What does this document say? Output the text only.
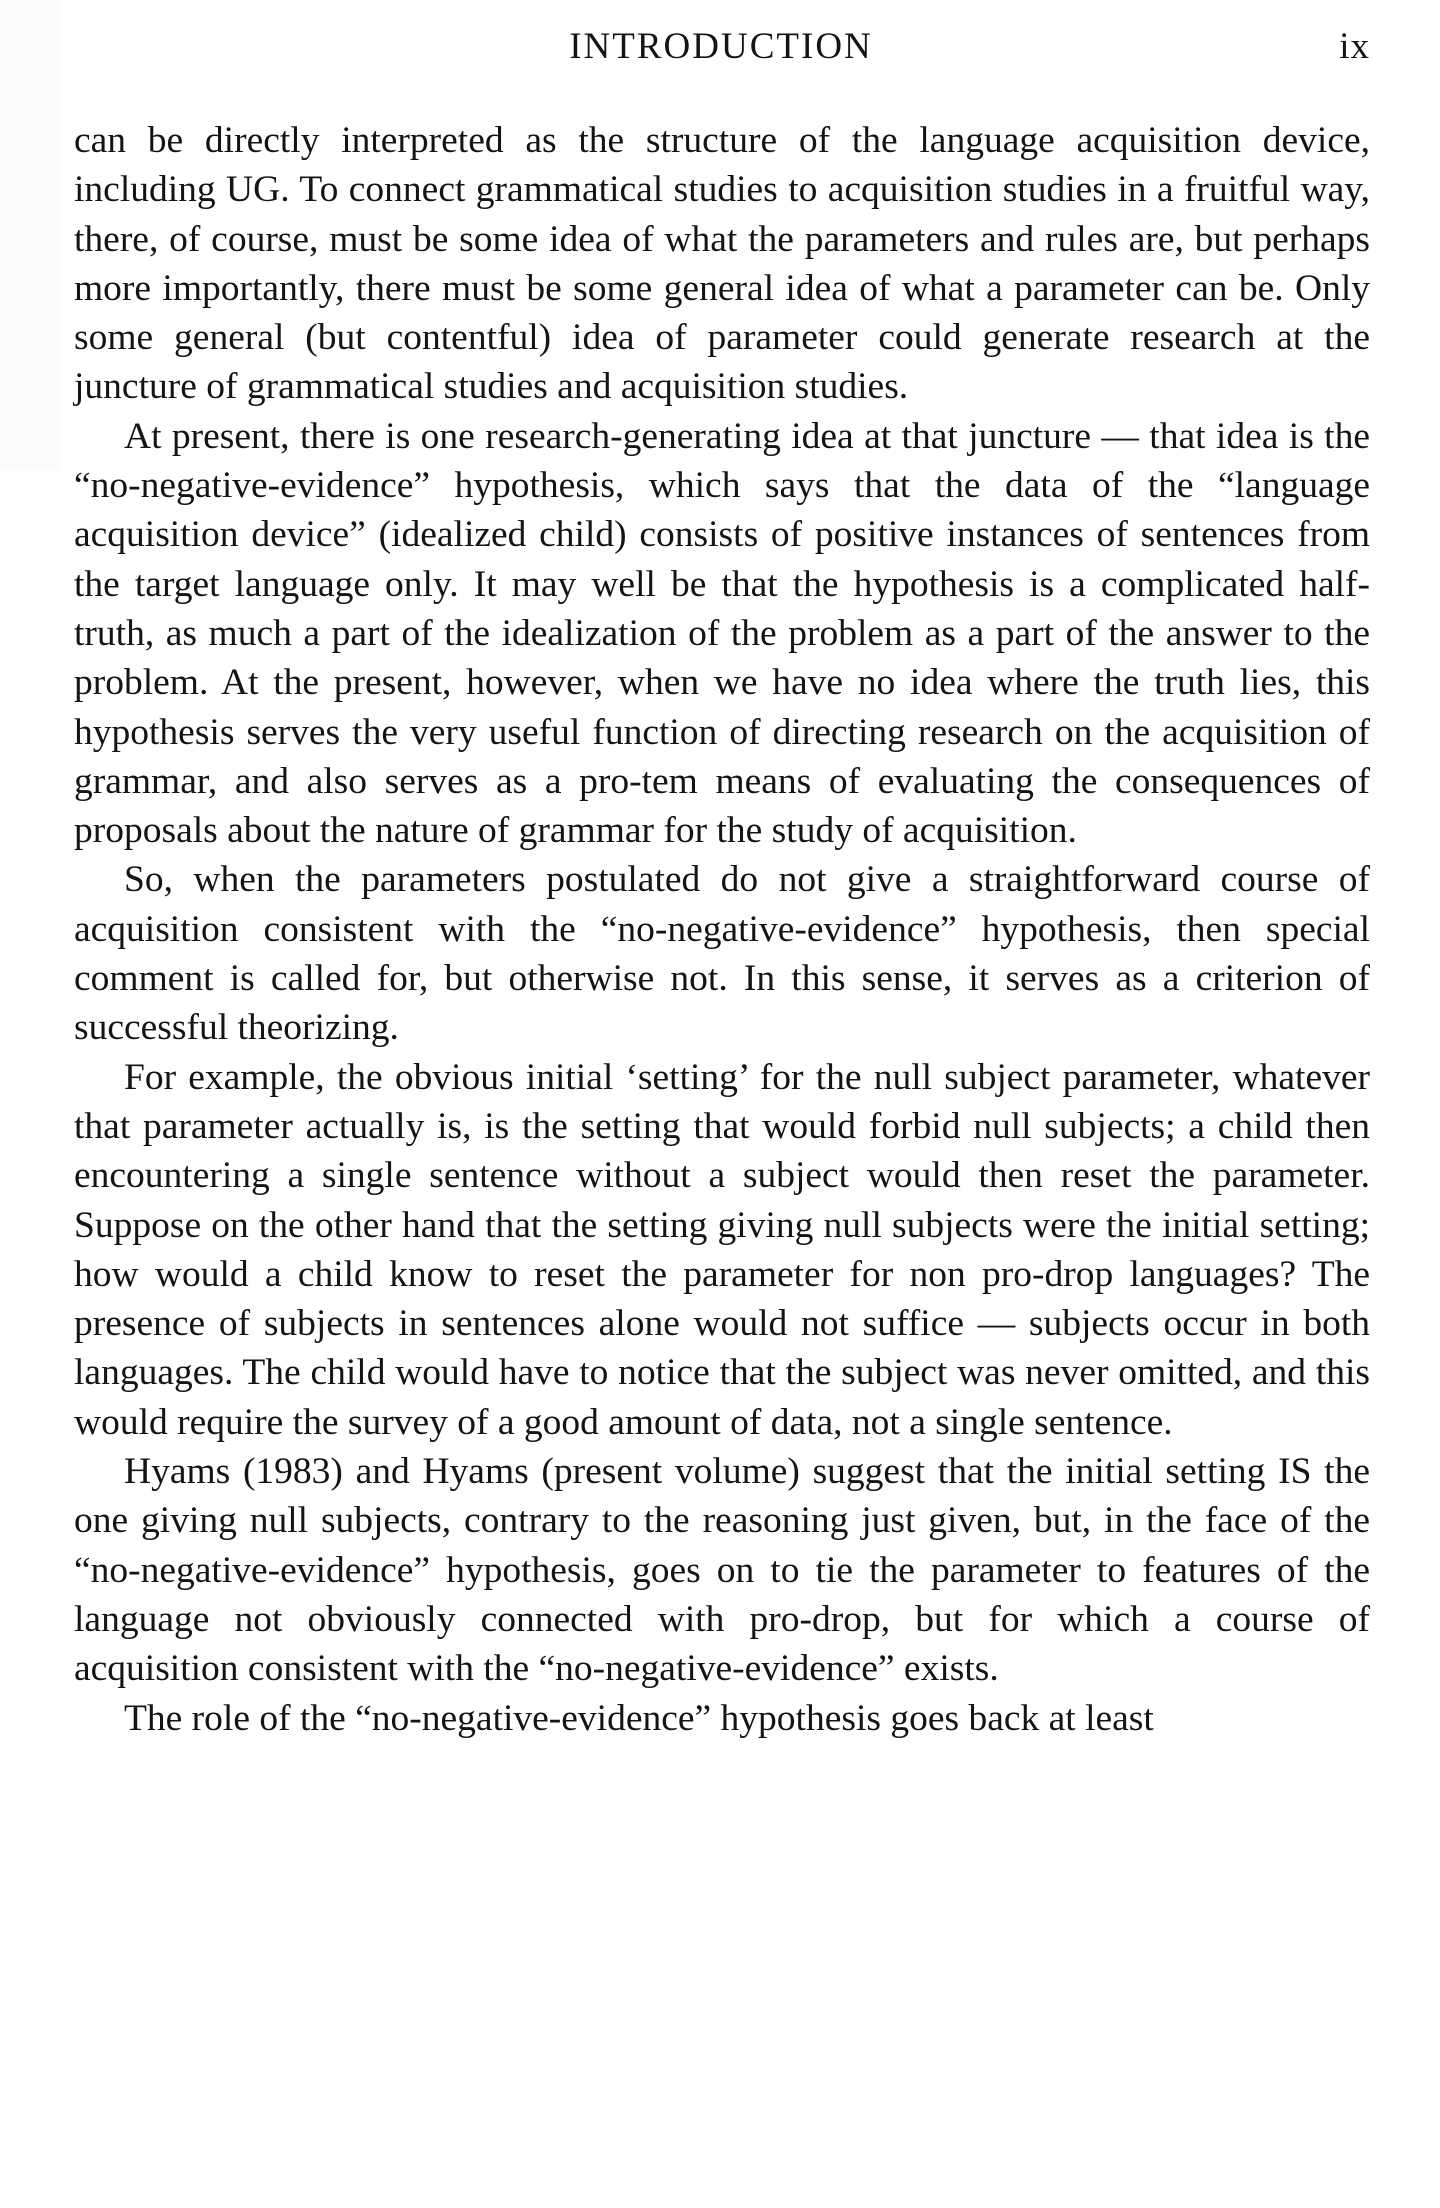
INTRODUCTION	ix

can be directly interpreted as the structure of the language acquisition device, including UG. To connect grammatical studies to acquisition studies in a fruitful way, there, of course, must be some idea of what the parameters and rules are, but perhaps more importantly, there must be some general idea of what a parameter can be. Only some general (but contentful) idea of parameter could generate research at the juncture of grammatical studies and acquisition studies.

At present, there is one research-generating idea at that juncture — that idea is the “no-negative-evidence” hypothesis, which says that the data of the “language acquisition device” (idealized child) consists of positive instances of sentences from the target language only. It may well be that the hypothesis is a complicated half-truth, as much a part of the idealization of the problem as a part of the answer to the problem. At the present, however, when we have no idea where the truth lies, this hypothesis serves the very useful function of directing research on the acquisition of grammar, and also serves as a pro-tem means of evaluating the consequences of proposals about the nature of grammar for the study of acquisition.

So, when the parameters postulated do not give a straightforward course of acquisition consistent with the “no-negative-evidence” hypothesis, then special comment is called for, but otherwise not. In this sense, it serves as a criterion of successful theorizing.

For example, the obvious initial ‘setting’ for the null subject parameter, whatever that parameter actually is, is the setting that would forbid null subjects; a child then encountering a single sentence without a subject would then reset the parameter. Suppose on the other hand that the setting giving null subjects were the initial setting; how would a child know to reset the parameter for non pro-drop languages? The presence of subjects in sentences alone would not suffice — subjects occur in both languages. The child would have to notice that the subject was never omitted, and this would require the survey of a good amount of data, not a single sentence.

Hyams (1983) and Hyams (present volume) suggest that the initial setting IS the one giving null subjects, contrary to the reasoning just given, but, in the face of the “no-negative-evidence” hypothesis, goes on to tie the parameter to features of the language not obviously connected with pro-drop, but for which a course of acquisition consistent with the “no-negative-evidence” exists.

The role of the “no-negative-evidence” hypothesis goes back at least
